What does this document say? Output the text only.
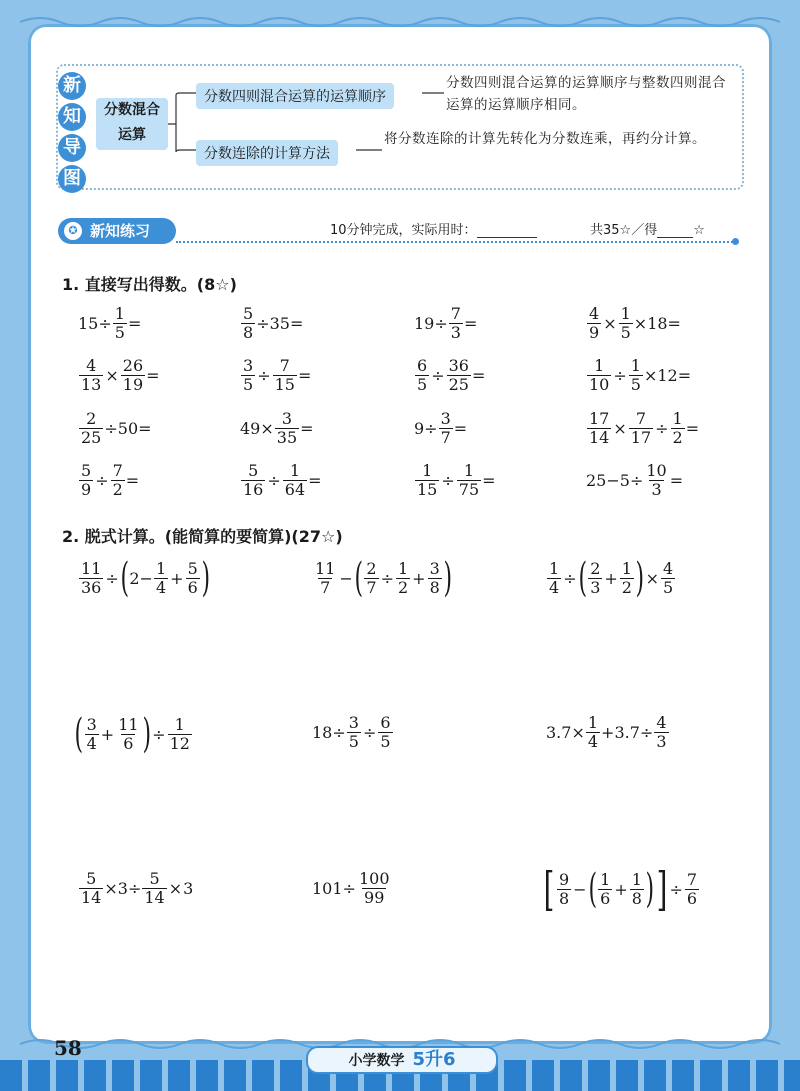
新
知
导
图
分数混合
运算
分数四则混合运算的运算顺序
分数连除的计算方法
分数四则混合运算的运算顺序与整数四则混合运算的运算顺序相同。
将分数连除的计算先转化为分数连乘，再约分计算。
✪ 新知练习	10分钟完成，实际用时：	共35☆／得	☆
1. 直接写出得数。(8☆)
$15\div \frac{1}{5}$ =	$\frac{5}{8} \div 35=$	$19\div \frac{7}{3}$ =	$\frac{4}{9} \times \frac{1}{5} \times 18=$
$\frac{4}{13} \times \frac{26}{19}$ =	$\frac{3}{5} \div \frac{7}{15}$ =	$\frac{6}{5} \div \frac{36}{25}$ =	$\frac{1}{10} \div \frac{1}{5} \times 12=$
$\frac{2}{25} \div 50=$	$49\times \frac{3}{35}$ =	$9\div \frac{3}{7}$ =	$\frac{17}{14} \times \frac{7}{17} \div \frac{1}{2}$ =
$\frac{5}{9} \div \frac{7}{2}$ =	$\frac{5}{16} \div \frac{1}{64}$ =	$\frac{1}{15} \div \frac{1}{75}$ =	$25-5\div \frac{10}{3}$ =
2. 脱式计算。(能简算的要简算)(27☆)
$\frac{11}{36}$ ÷ ( $2- \frac{1}{4} + \frac{5}{6}$ )	$\frac{11}{7}$ − ( $\frac{2}{7} \div \frac{1}{2} + \frac{3}{8}$ )	$\frac{1}{4}$ ÷ ( $\frac{2}{3} + \frac{1}{2}$ ) × $\frac{4}{5}$
( $\frac{3}{4} + \frac{11}{6}$ ) ÷ $\frac{1}{12}$	$18\div \frac{3}{5} \div \frac{6}{5}$	$3.7\times \frac{1}{4} +3.7\div \frac{4}{3}$
$\frac{5}{14} \times 3\div \frac{5}{14} \times 3$	$101\div \frac{100}{99}$	[ $\frac{9}{8}$ − ( $\frac{1}{6} + \frac{1}{8}$ ) ] ÷ $\frac{7}{6}$
58
小学数学 5升6
